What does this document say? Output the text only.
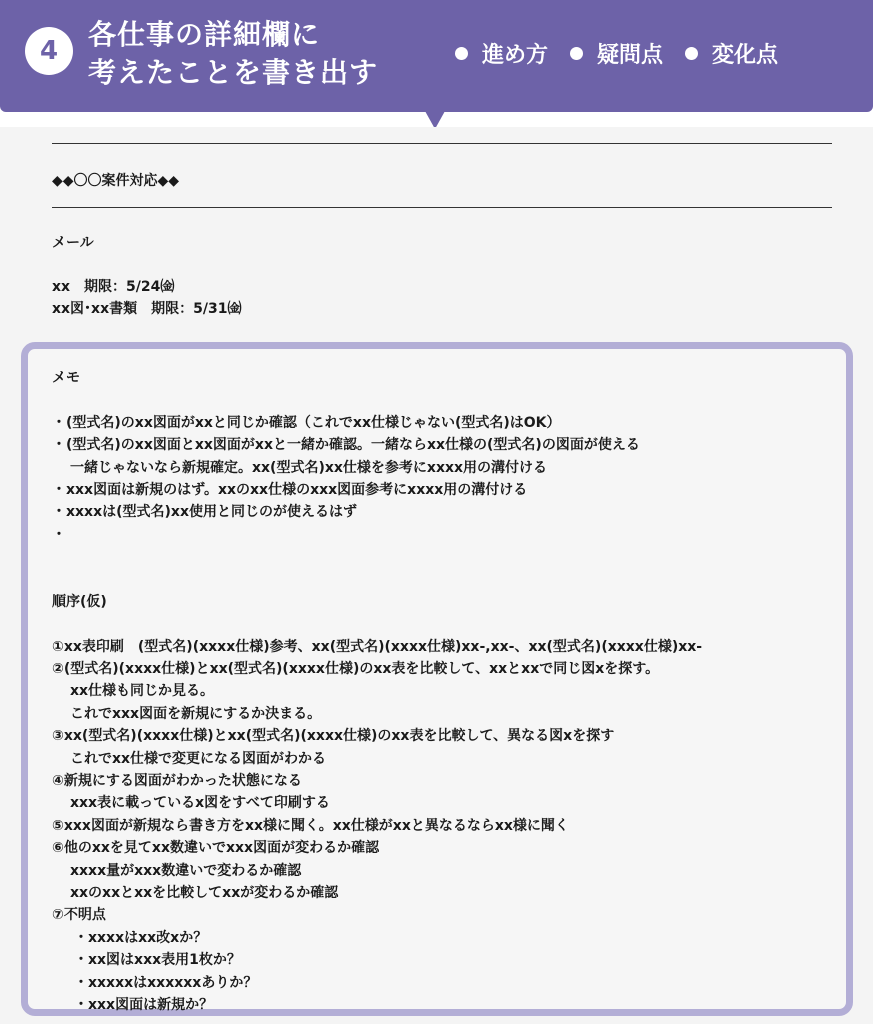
4	各仕事の詳細欄に
考えたことを書き出す
進め方 疑問点 変化点
◆◆〇〇案件対応◆◆
メール
xx　期限：5/24㈮
xx図･xx書類　期限：5/31㈮
メモ
・(型式名)のxx図面がxxと同じか確認（これでxx仕様じゃない(型式名)はOK）
・(型式名)のxx図面とxx図面がxxと一緒か確認。一緒ならxx仕様の(型式名)の図面が使える
一緒じゃないなら新規確定。xx(型式名)xx仕様を参考にxxxx用の溝付ける
・xxx図面は新規のはず。xxのxx仕様のxxx図面参考にxxxx用の溝付ける
・xxxxは(型式名)xx使用と同じのが使えるはず
・
順序(仮)
①xx表印刷　(型式名)(xxxx仕様)参考、xx(型式名)(xxxx仕様)xx-,xx-、xx(型式名)(xxxx仕様)xx-
②(型式名)(xxxx仕様)とxx(型式名)(xxxx仕様)のxx表を比較して、xxとxxで同じ図xを探す。
xx仕様も同じか見る。
これでxxx図面を新規にするか決まる。
③xx(型式名)(xxxx仕様)とxx(型式名)(xxxx仕様)のxx表を比較して、異なる図xを探す
これでxx仕様で変更になる図面がわかる
④新規にする図面がわかった状態になる
xxx表に載っているx図をすべて印刷する
⑤xxx図面が新規なら書き方をxx様に聞く。xx仕様がxxと異なるならxx様に聞く
⑥他のxxを見てxx数違いでxxx図面が変わるか確認
xxxx量がxxx数違いで変わるか確認
xxのxxとxxを比較してxxが変わるか確認
⑦不明点
・xxxxはxx改xか？
・xx図はxxx表用1枚か？
・xxxxxはxxxxxxありか？
・xxx図面は新規か？
